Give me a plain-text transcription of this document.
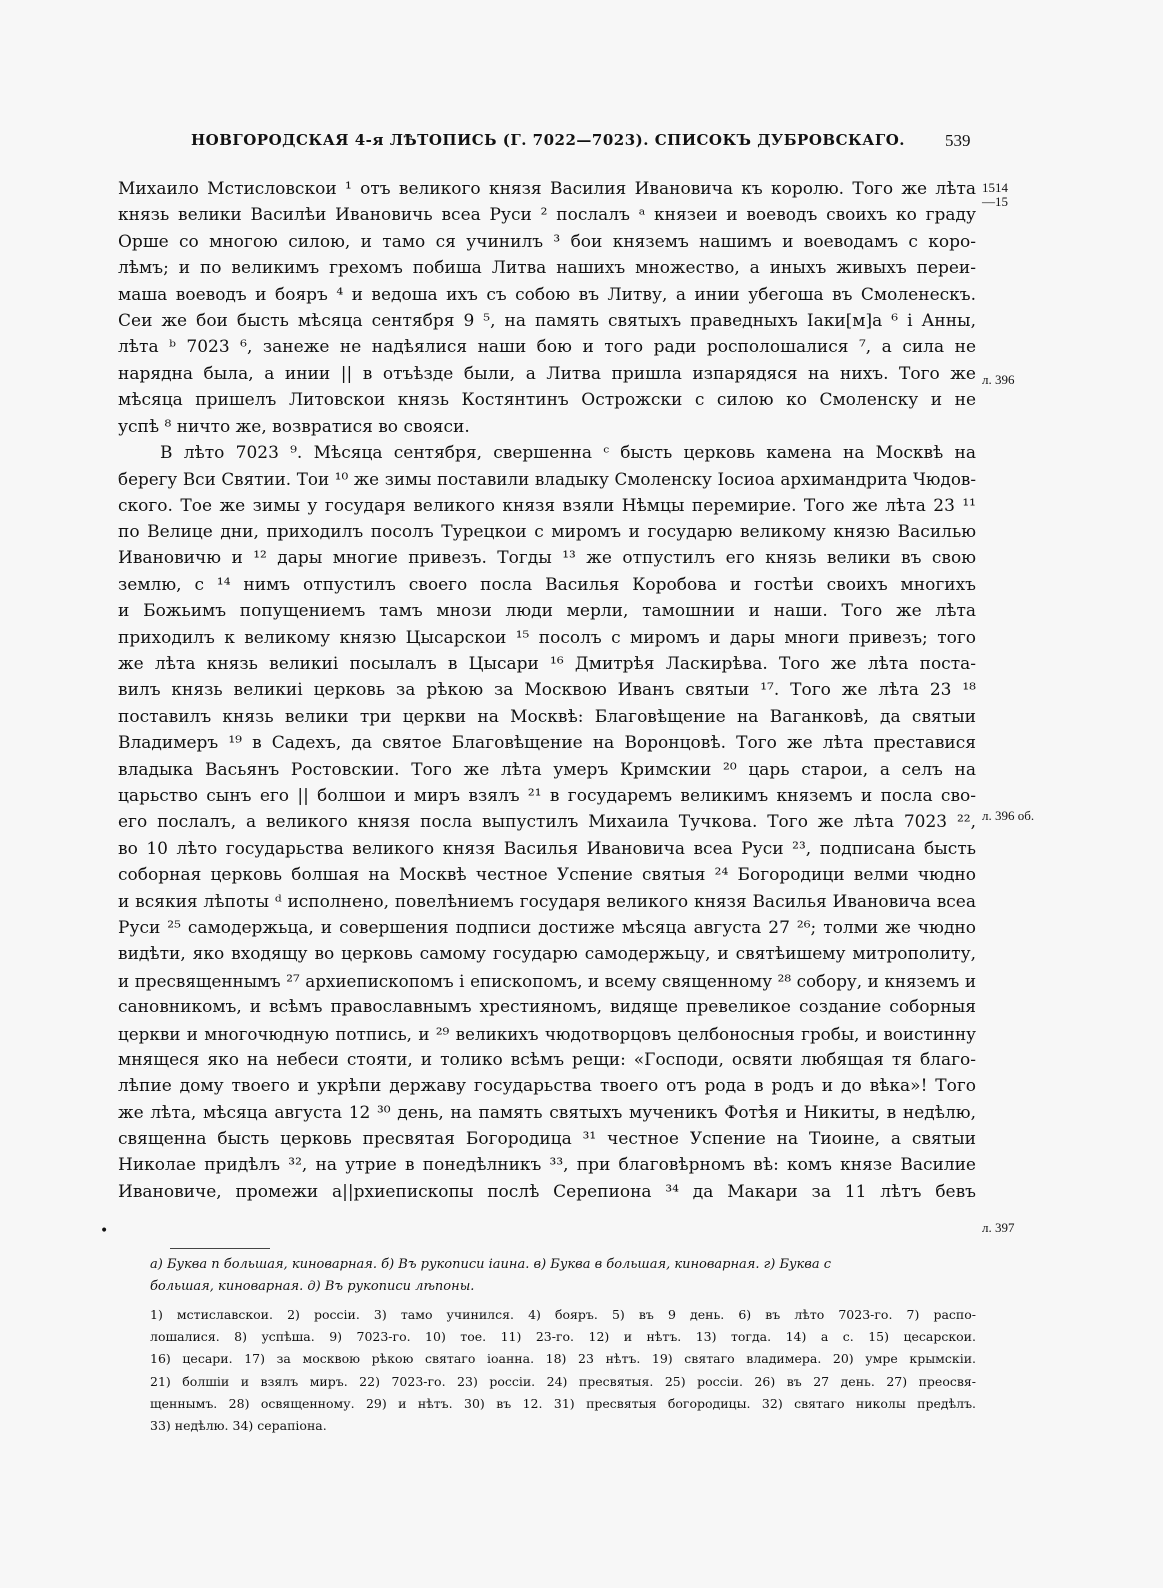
НОВГОРОДСКАЯ 4-я ЛѢТОПИСЬ (Г. 7022—7023). СПИСОКЪ ДУБРОВСКАГО.	539
1514
—15
л. 396
л. 396 об.
л. 397
•
Михаило Мстисловскои ¹ отъ великого князя Василия Ивановича къ королю. Того же лѣта
князь велики Василѣи Ивановичь всеа Руси ² послалъ ᵃ князеи и воеводъ своихъ ко граду
Орше со многою силою, и тамо ся учинилъ ³ бои княземъ нашимъ и воеводамъ с коро-
лѣмъ; и по великимъ грехомъ побиша Литва нашихъ множество, а иныхъ живыхъ переи-
маша воеводъ и бояръ ⁴ и ведоша ихъ съ собою въ Литву, а инии убегоша въ Смоленескъ.
Сеи же бои бысть мѣсяца сентября 9 ⁵, на память святыхъ праведныхъ Іаки[м]а ⁶ і Анны,
лѣта ᵇ 7023 ⁶, занеже не надѣялися наши бою и того ради росполошалися ⁷, а сила не
нарядна была, а инии || в отъѣзде были, а Литва пришла изпарядяся на нихъ. Того же
мѣсяца пришелъ Литовскои князь Костянтинъ Острожски с силою ко Смоленску и не
успѣ ⁸ ничто же, возвратися во свояси.
В лѣто 7023 ⁹. Мѣсяца сентября, свершенна ᶜ бысть церковь камена на Москвѣ на
берегу Вси Святии. Тои ¹⁰ же зимы поставили владыку Смоленску Іосиоа архимандрита Чюдов-
ского. Тое же зимы у государя великого князя взяли Нѣмцы перемирие. Того же лѣта 23 ¹¹
по Велице дни, приходилъ посолъ Турецкои с миромъ и государю великому князю Василью
Ивановичю и ¹² дары многие привезъ. Тогды ¹³ же отпустилъ его князь велики въ свою
землю, с ¹⁴ нимъ отпустилъ своего посла Василья Коробова и гостѣи своихъ многихъ
и Божьимъ попущениемъ тамъ мнози люди мерли, тамошнии и наши. Того же лѣта
приходилъ к великому князю Цысарскои ¹⁵ посолъ с миромъ и дары многи привезъ; того
же лѣта князь великиі посылалъ в Цысари ¹⁶ Дмитрѣя Ласкирѣва. Того же лѣта поста-
вилъ князь великиі церковь за рѣкою за Москвою Иванъ святыи ¹⁷. Того же лѣта 23 ¹⁸
поставилъ князь велики три церкви на Москвѣ: Благовѣщение на Ваганковѣ, да святыи
Владимеръ ¹⁹ в Садехъ, да святое Благовѣщение на Воронцовѣ. Того же лѣта преставися
владыка Васьянъ Ростовскии. Того же лѣта умеръ Кримскии ²⁰ царь старои, а селъ на
царьство сынъ его || болшои и миръ взялъ ²¹ в государемъ великимъ княземъ и посла сво-
его послалъ, а великого князя посла выпустилъ Михаила Тучкова. Того же лѣта 7023 ²²,
во 10 лѣто государьства великого князя Василья Ивановича всеа Руси ²³, подписана бысть
соборная церковь болшая на Москвѣ честное Успение святыя ²⁴ Богородици велми чюдно
и всякия лѣпоты ᵈ исполнено, повелѣниемъ государя великого князя Василья Ивановича всеа
Руси ²⁵ самодержьца, и совершения подписи достиже мѣсяца августа 27 ²⁶; толми же чюдно
видѣти, яко входящу во церковь самому государю самодержьцу, и святѣишему митрополиту,
и пресвященнымъ ²⁷ архиепископомъ і епископомъ, и всему священному ²⁸ собору, и княземъ и
сановникомъ, и всѣмъ православнымъ хрестияномъ, видяще превеликое создание соборныя
церкви и многочюдную потпись, и ²⁹ великихъ чюдотворцовъ целбоносныя гробы, и воистинну
мнящеся яко на небеси стояти, и толико всѣмъ рещи: «Господи, освяти любящая тя благо-
лѣпие дому твоего и укрѣпи державу государьства твоего отъ рода в родъ и до вѣка»! Того
же лѣта, мѣсяца августа 12 ³⁰ день, на память святыхъ мученикъ Фотѣя и Никиты, в недѣлю,
священна бысть церковь пресвятая Богородица ³¹ честное Успение на Тиоине, а святыи
Николае придѣлъ ³², на утрие в понедѣлникъ ³³, при благовѣрномъ вѣ: комъ князе Василие
Ивановиче, промежи а||рхиепископы послѣ Серепиона ³⁴ да Макари за 11 лѣтъ бевъ
а) Буква п большая, киноварная. б) Въ рукописи іаина. в) Буква в большая, киноварная. г) Буква с
большая, киноварная. д) Въ рукописи лѣпоны.
1) мстиславскои. 2) россіи. 3) тамо учинился. 4) бояръ. 5) въ 9 день. 6) въ лѣто 7023-го. 7) распо-
лошалися. 8) успѣша. 9) 7023-го. 10) тое. 11) 23-го. 12) и нѣтъ. 13) тогда. 14) а с. 15) цесарскои.
16) цесари. 17) за москвою рѣкою святаго іоанна. 18) 23 нѣтъ. 19) святаго владимера. 20) умре крымскіи.
21) болшіи и взялъ миръ. 22) 7023-го. 23) россіи. 24) пресвятыя. 25) россіи. 26) въ 27 день. 27) преосвя-
щеннымъ. 28) освященному. 29) и нѣтъ. 30) въ 12. 31) пресвятыя богородицы. 32) святаго николы предѣлъ.
33) недѣлю. 34) серапіона.
